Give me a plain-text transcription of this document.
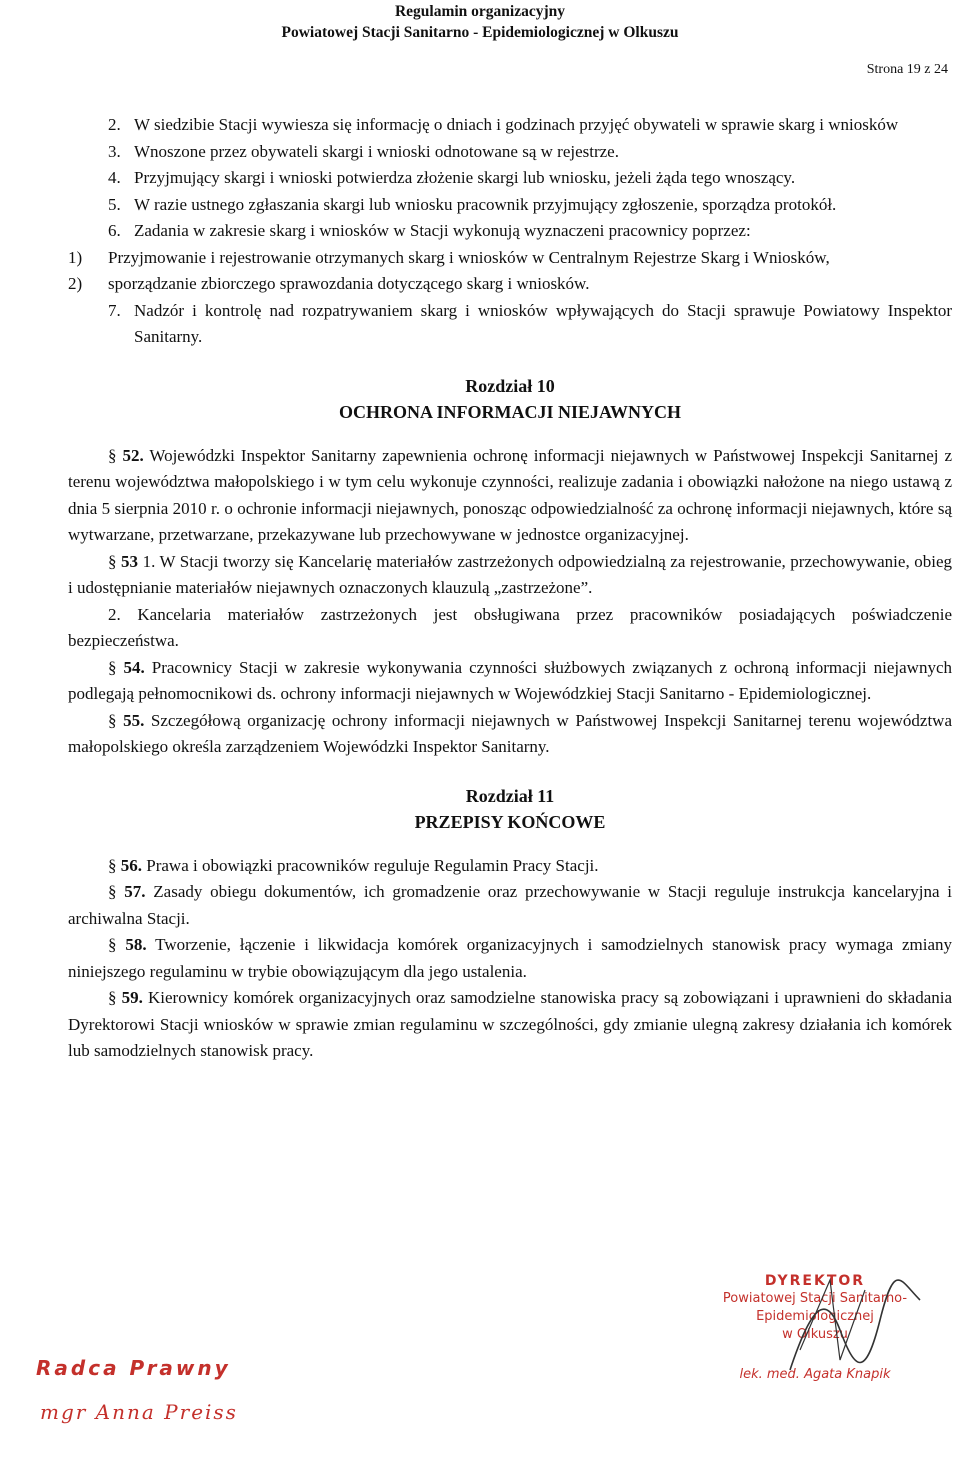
Regulamin organizacyjny
Powiatowej Stacji Sanitarno - Epidemiologicznej w Olkuszu
Strona 19 z 24
2. W siedzibie Stacji wywiesza się informację o dniach i godzinach przyjęć obywateli w sprawie skarg i wniosków
3. Wnoszone przez obywateli skargi i wnioski odnotowane są w rejestrze.
4. Przyjmujący skargi i wnioski potwierdza złożenie skargi lub wniosku, jeżeli żąda tego wnoszący.
5. W razie ustnego zgłaszania skargi lub wniosku pracownik przyjmujący zgłoszenie, sporządza protokół.
6. Zadania w zakresie skarg i wniosków w Stacji wykonują wyznaczeni pracownicy poprzez:
1)	Przyjmowanie i rejestrowanie otrzymanych skarg i wniosków w Centralnym Rejestrze Skarg i Wniosków,
2)	sporządzanie zbiorczego sprawozdania dotyczącego skarg i wniosków.
7. Nadzór i kontrolę nad rozpatrywaniem skarg i wniosków wpływających do Stacji sprawuje Powiatowy Inspektor Sanitarny.
Rozdział 10
OCHRONA INFORMACJI NIEJAWNYCH
§ 52. Wojewódzki Inspektor Sanitarny zapewnienia ochronę informacji niejawnych w Państwowej Inspekcji Sanitarnej z terenu województwa małopolskiego i w tym celu wykonuje czynności, realizuje zadania i obowiązki nałożone na niego ustawą z dnia 5 sierpnia 2010 r. o ochronie informacji niejawnych, ponosząc odpowiedzialność za ochronę informacji niejawnych, które są wytwarzane, przetwarzane, przekazywane lub przechowywane w jednostce organizacyjnej.
§ 53 1. W Stacji tworzy się Kancelarię materiałów zastrzeżonych odpowiedzialną za rejestrowanie, przechowywanie, obieg i udostępnianie materiałów niejawnych oznaczonych klauzulą „zastrzeżone”.
2. Kancelaria materiałów zastrzeżonych jest obsługiwana przez pracowników posiadających poświadczenie bezpieczeństwa.
§ 54. Pracownicy Stacji w zakresie wykonywania czynności służbowych związanych z ochroną informacji niejawnych podlegają pełnomocnikowi ds. ochrony informacji niejawnych w Wojewódzkiej Stacji Sanitarno - Epidemiologicznej.
§ 55. Szczegółową organizację ochrony informacji niejawnych w Państwowej Inspekcji Sanitarnej terenu województwa małopolskiego określa zarządzeniem Wojewódzki Inspektor Sanitarny.
Rozdział 11
PRZEPISY KOŃCOWE
§ 56. Prawa i obowiązki pracowników reguluje Regulamin Pracy Stacji.
§ 57. Zasady obiegu dokumentów, ich gromadzenie oraz przechowywanie w Stacji reguluje instrukcja kancelaryjna i archiwalna Stacji.
§ 58. Tworzenie, łączenie i likwidacja komórek organizacyjnych i samodzielnych stanowisk pracy wymaga zmiany niniejszego regulaminu w trybie obowiązującym dla jego ustalenia.
§ 59. Kierownicy komórek organizacyjnych oraz samodzielne stanowiska pracy są zobowiązani i uprawnieni do składania Dyrektorowi Stacji wniosków w sprawie zmian regulaminu w szczególności, gdy zmianie ulegną zakresy działania ich komórek lub samodzielnych stanowisk pracy.
DYREKTOR
Powiatowej Stacji Sanitarno-Epidemiologicznej
w Olkuszu
lek. med. Agata Knapik
Radca Prawny
mgr Anna Preiss
